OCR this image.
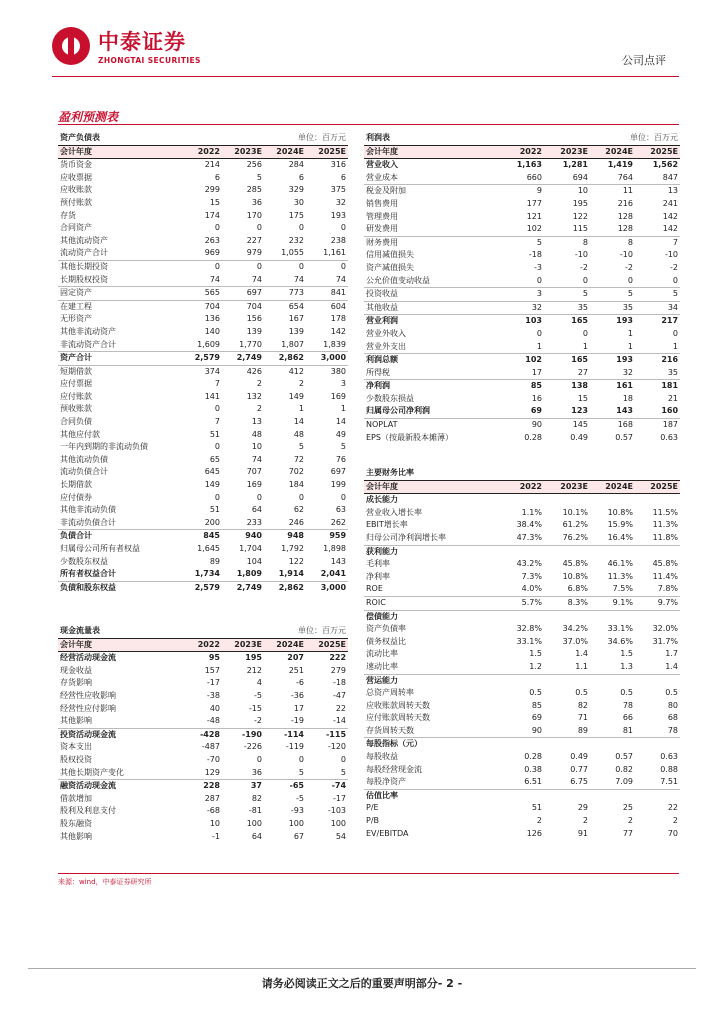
中泰证券
ZHONGTAI SECURITIES	公司点评
盈利预测表
资产负债表		单位：百万元		
会计年度	2022	2023E	2024E	2025E
货币资金	214	256	284	316
应收票据	6	5	6	6
应收账款	299	285	329	375
预付账款	15	36	30	32
存货	174	170	175	193
合同资产	0	0	0	0
其他流动资产	263	227	232	238
流动资产合计	969	979	1,055	1,161
其他长期投资	0	0	0	0
长期股权投资	74	74	74	74
固定资产	565	697	773	841
在建工程	704	704	654	604
无形资产	136	156	167	178
其他非流动资产	140	139	139	142
非流动资产合计	1,609	1,770	1,807	1,839
资产合计	2,579	2,749	2,862	3,000
短期借款	374	426	412	380
应付票据	7	2	2	3
应付账款	141	132	149	169
预收账款	0	2	1	1
合同负债	7	13	14	14
其他应付款	51	48	48	49
一年内到期的非流动负债	0	10	5	5
其他流动负债	65	74	72	76
流动负债合计	645	707	702	697
长期借款	149	169	184	199
应付债券	0	0	0	0
其他非流动负债	51	64	62	63
非流动负债合计	200	233	246	262
负债合计	845	940	948	959
归属母公司所有者权益	1,645	1,704	1,792	1,898
少数股东权益	89	104	122	143
所有者权益合计	1,734	1,809	1,914	2,041
负债和股东权益	2,579	2,749	2,862	3,000
利润表		单位：百万元		
会计年度	2022	2023E	2024E	2025E
营业收入	1,163	1,281	1,419	1,562
营业成本	660	694	764	847
税金及附加	9	10	11	13
销售费用	177	195	216	241
管理费用	121	122	128	142
研发费用	102	115	128	142
财务费用	5	8	8	7
信用减值损失	-18	-10	-10	-10
资产减值损失	-3	-2	-2	-2
公允价值变动收益	0	0	0	0
投资收益	3	5	5	5
其他收益	32	35	35	34
营业利润	103	165	193	217
营业外收入	0	0	1	0
营业外支出	1	1	1	1
利润总额	102	165	193	216
所得税	17	27	32	35
净利润	85	138	161	181
少数股东损益	16	15	18	21
归属母公司净利润	69	123	143	160
NOPLAT	90	145	168	187
EPS（按最新股本摊薄）	0.28	0.49	0.57	0.63
主要财务比率				
会计年度	2022	2023E	2024E	2025E
成长能力				
营业收入增长率	1.1%	10.1%	10.8%	11.5%
EBIT增长率	38.4%	61.2%	15.9%	11.3%
归母公司净利润增长率	47.3%	76.2%	16.4%	11.8%
获利能力				
毛利率	43.2%	45.8%	46.1%	45.8%
净利率	7.3%	10.8%	11.3%	11.4%
ROE	4.0%	6.8%	7.5%	7.8%
ROIC	5.7%	8.3%	9.1%	9.7%
偿债能力				
资产负债率	32.8%	34.2%	33.1%	32.0%
债务权益比	33.1%	37.0%	34.6%	31.7%
流动比率	1.5	1.4	1.5	1.7
速动比率	1.2	1.1	1.3	1.4
营运能力				
总资产周转率	0.5	0.5	0.5	0.5
应收账款周转天数	85	82	78	80
应付账款周转天数	69	71	66	68
存货周转天数	90	89	81	78
每股指标（元）				
每股收益	0.28	0.49	0.57	0.63
每股经营现金流	0.38	0.77	0.82	0.88
每股净资产	6.51	6.75	7.09	7.51
估值比率				
P/E	51	29	25	22
P/B	2	2	2	2
EV/EBITDA	126	91	77	70
现金流量表		单位：百万元		
会计年度	2022	2023E	2024E	2025E
经营活动现金流	95	195	207	222
现金收益	157	212	251	279
存货影响	-17	4	-6	-18
经营性应收影响	-38	-5	-36	-47
经营性应付影响	40	-15	17	22
其他影响	-48	-2	-19	-14
投资活动现金流	-428	-190	-114	-115
资本支出	-487	-226	-119	-120
股权投资	-70	0	0	0
其他长期资产变化	129	36	5	5
融资活动现金流	228	37	-65	-74
借款增加	287	82	-5	-17
股利及利息支付	-68	-81	-93	-103
股东融资	10	100	100	100
其他影响	-1	64	67	54
来源：wind，中泰证券研究所
请务必阅读正文之后的重要声明部分- 2 -
